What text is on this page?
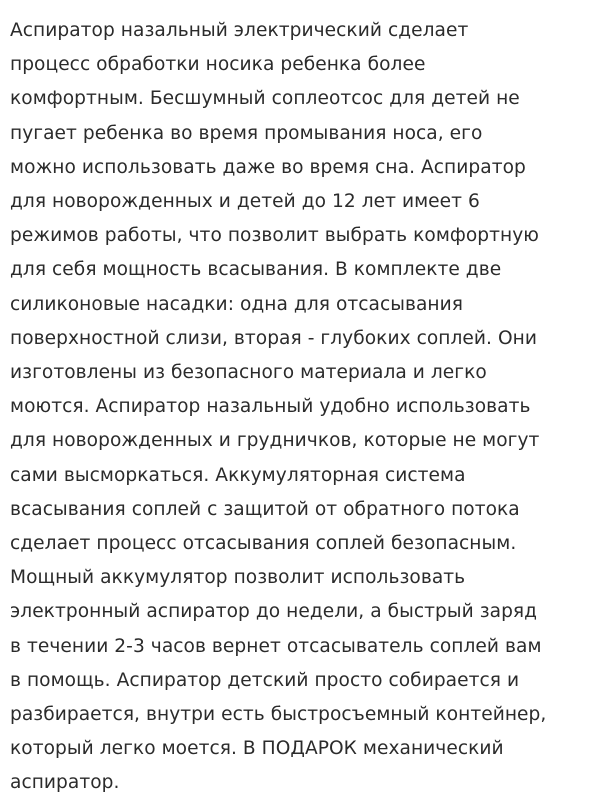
Аспиратор назальный электрический сделает
процесс обработки носика ребенка более
комфортным. Бесшумный соплеотсос для детей не
пугает ребенка во время промывания носа, его
можно использовать даже во время сна. Аспиратор
для новорожденных и детей до 12 лет имеет 6
режимов работы, что позволит выбрать комфортную
для себя мощность всасывания. В комплекте две
силиконовые насадки: одна для отсасывания
поверхностной слизи, вторая - глубоких соплей. Они
изготовлены из безопасного материала и легко
моются. Аспиратор назальный удобно использовать
для новорожденных и грудничков, которые не могут
сами высморкаться. Аккумуляторная система
всасывания соплей с защитой от обратного потока
сделает процесс отсасывания соплей безопасным.
Мощный аккумулятор позволит использовать
электронный аспиратор до недели, а быстрый заряд
в течении 2-3 часов вернет отсасыватель соплей вам
в помощь. Аспиратор детский просто собирается и
разбирается, внутри есть быстросъемный контейнер,
который легко моется. В ПОДАРОК механический
аспиратор.
